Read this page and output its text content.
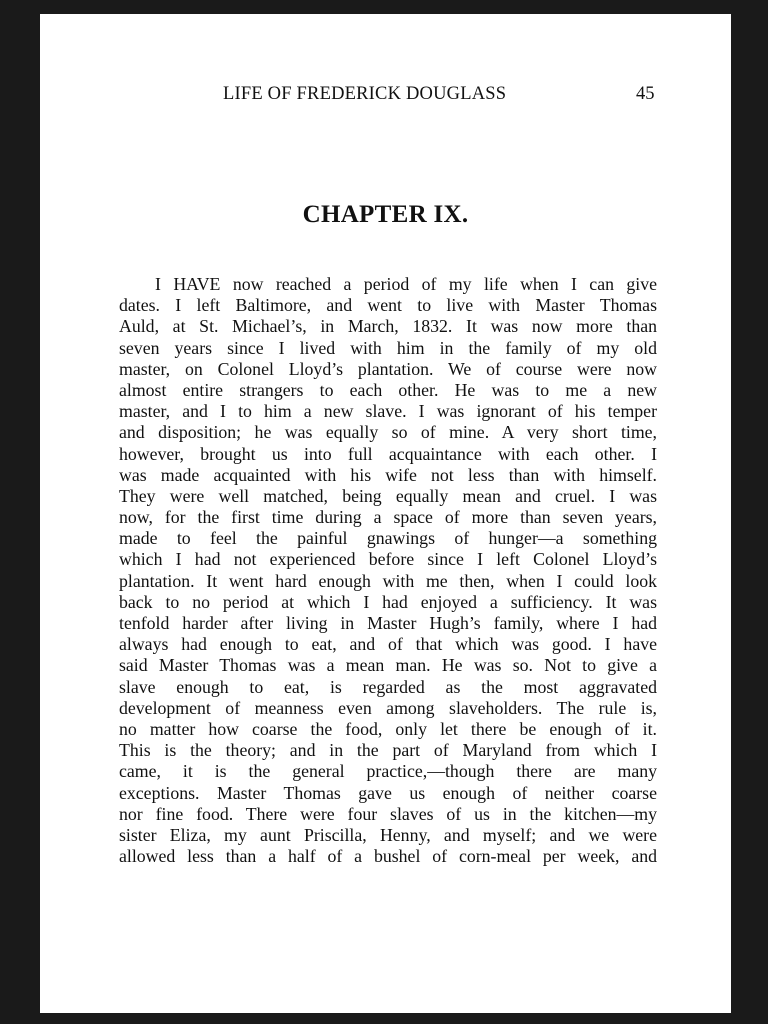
LIFE OF FREDERICK DOUGLASS	45
CHAPTER IX.
I HAVE now reached a period of my life when I can give
dates. I left Baltimore, and went to live with Master Thomas
Auld, at St. Michael’s, in March, 1832. It was now more than
seven years since I lived with him in the family of my old
master, on Colonel Lloyd’s plantation. We of course were now
almost entire strangers to each other. He was to me a new
master, and I to him a new slave. I was ignorant of his temper
and disposition; he was equally so of mine. A very short time,
however, brought us into full acquaintance with each other. I
was made acquainted with his wife not less than with himself.
They were well matched, being equally mean and cruel. I was
now, for the first time during a space of more than seven years,
made to feel the painful gnawings of hunger—a something
which I had not experienced before since I left Colonel Lloyd’s
plantation. It went hard enough with me then, when I could look
back to no period at which I had enjoyed a sufficiency. It was
tenfold harder after living in Master Hugh’s family, where I had
always had enough to eat, and of that which was good. I have
said Master Thomas was a mean man. He was so. Not to give a
slave enough to eat, is regarded as the most aggravated
development of meanness even among slaveholders. The rule is,
no matter how coarse the food, only let there be enough of it.
This is the theory; and in the part of Maryland from which I
came, it is the general practice,—though there are many
exceptions. Master Thomas gave us enough of neither coarse
nor fine food. There were four slaves of us in the kitchen—my
sister Eliza, my aunt Priscilla, Henny, and myself; and we were
allowed less than a half of a bushel of corn-meal per week, and
